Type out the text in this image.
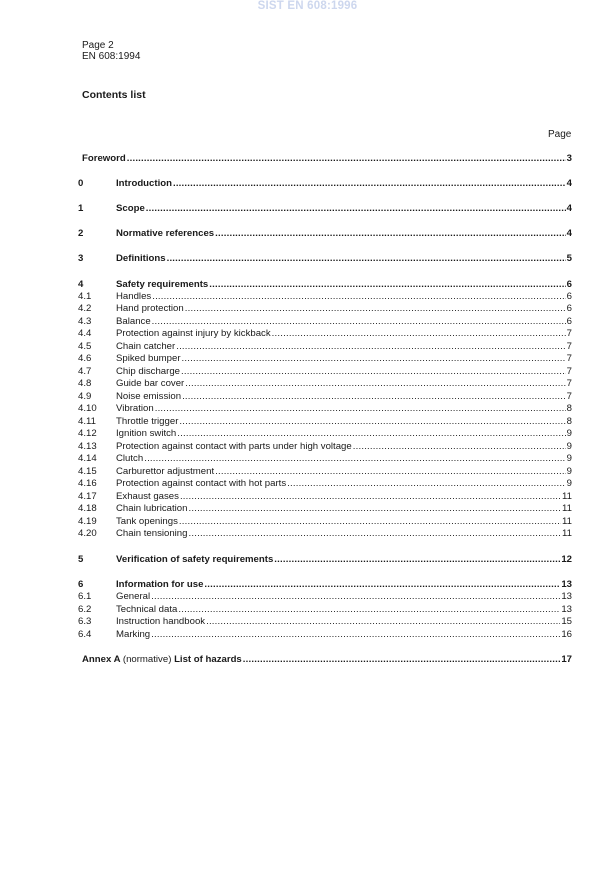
SIST EN 608:1996
Page 2
EN 608:1994
Contents list
Page
Foreword .....	3
0	Introduction .....	4
1	Scope .....	4
2	Normative references .....	4
3	Definitions .....	5
4	Safety requirements .....	6
4.1	Handles .....	6
4.2	Hand protection .....	6
4.3	Balance .....	6
4.4	Protection against injury by kickback .....	7
4.5	Chain catcher .....	7
4.6	Spiked bumper .....	7
4.7	Chip discharge .....	7
4.8	Guide bar cover .....	7
4.9	Noise emission .....	7
4.10	Vibration .....	8
4.11	Throttle trigger .....	8
4.12	Ignition switch .....	9
4.13	Protection against contact with parts under high voltage .....	9
4.14	Clutch .....	9
4.15	Carburettor adjustment .....	9
4.16	Protection against contact with hot parts .....	9
4.17	Exhaust gases .....	11
4.18	Chain lubrication .....	11
4.19	Tank openings .....	11
4.20	Chain tensioning .....	11
5	Verification of safety requirements .....	12
6	Information for use .....	13
6.1	General .....	13
6.2	Technical data .....	13
6.3	Instruction handbook .....	15
6.4	Marking .....	16
Annex A (normative) List of hazards .....	17
